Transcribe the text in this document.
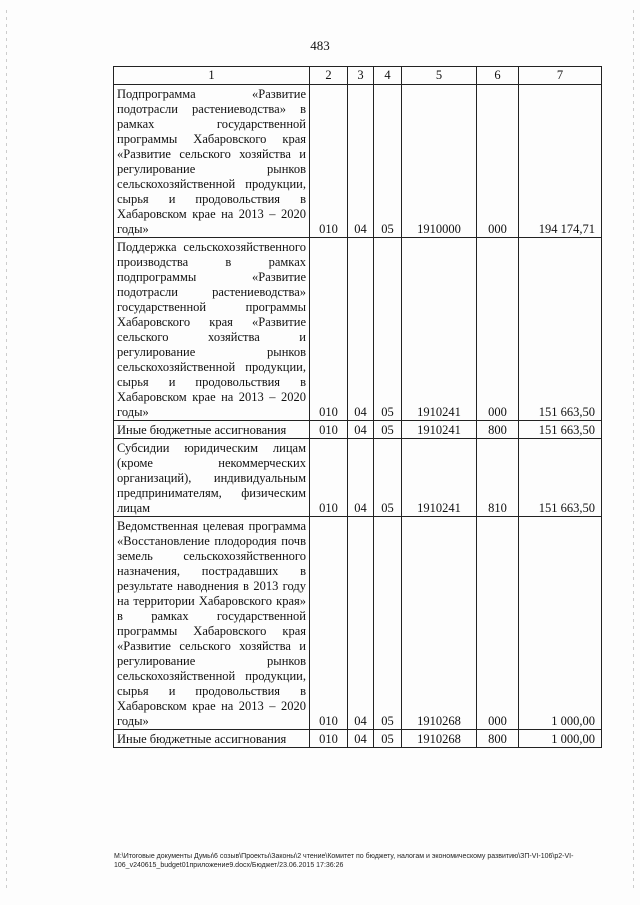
483
1	2	3	4	5	6	7
Подпрограмма «Развитие подотрасли растениеводства» в рамках государственной программы Хабаровского края «Развитие сельского хозяйства и регулирование рынков сельскохозяйственной продукции, сырья и продовольствия в Хабаровском крае на 2013 – 2020 годы»	010	04	05	1910000	000	194 174,71
Поддержка сельскохозяйственного производства в рамках подпрограммы «Развитие подотрасли растениеводства» государственной программы Хабаровского края «Развитие сельского хозяйства и регулирование рынков сельскохозяйственной продукции, сырья и продовольствия в Хабаровском крае на 2013 – 2020 годы»	010	04	05	1910241	000	151 663,50
Иные бюджетные ассигнования	010	04	05	1910241	800	151 663,50
Субсидии юридическим лицам (кроме некоммерческих организаций), индивидуальным предпринимателям, физическим лицам	010	04	05	1910241	810	151 663,50
Ведомственная целевая программа «Восстановление плодородия почв земель сельскохозяйственного назначения, пострадавших в результате наводнения в 2013 году на территории Хабаровского края» в рамках государственной программы Хабаровского края «Развитие сельского хозяйства и регулирование рынков сельскохозяйственной продукции, сырья и продовольствия в Хабаровском крае на 2013 – 2020 годы»	010	04	05	1910268	000	1 000,00
Иные бюджетные ассигнования	010	04	05	1910268	800	1 000,00
M:\Итоговые документы Думы\6 созыв\Проекты\Законы\2 чтение\Комитет по бюджету, налогам и экономическому развитию\ЗП-VI-106\p2-VI-106_v240615_budget01приложение9.docx/Бюджет/23.06.2015 17:36:26
